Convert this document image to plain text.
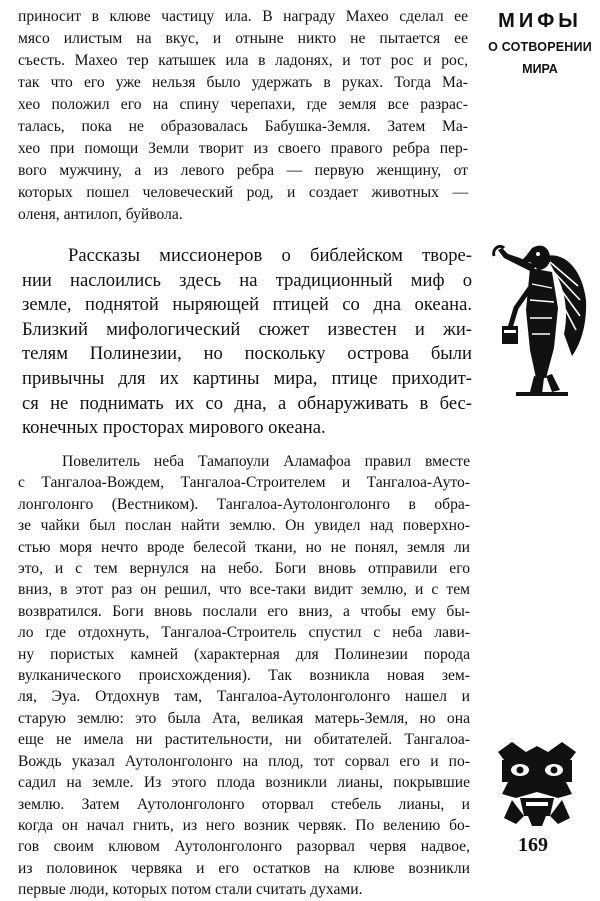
МИФЫ
О СОТВОРЕНИИ
МИРА
приносит в клюве частицу ила. В награду Махео сделал ее
мясо илистым на вкус, и отныне никто не пытается ее
съесть. Махео тер катышек ила в ладонях, и тот рос и рос,
так что его уже нельзя было удержать в руках. Тогда Ма-
хео положил его на спину черепахи, где земля все разрас-
талась, пока не образовалась Бабушка-Земля. Затем Ма-
хео при помощи Земли творит из своего правого ребра пер-
вого мужчину, а из левого ребра — первую женщину, от
которых пошел человеческий род, и создает животных —
оленя, антилоп, буйвола.
Рассказы миссионеров о библейском творе-
нии наслоились здесь на традиционный миф о
земле, поднятой ныряющей птицей со дна океана.
Близкий мифологический сюжет известен и жи-
телям Полинезии, но поскольку острова были
привычны для их картины мира, птице приходит-
ся не поднимать их со дна, а обнаруживать в бес-
конечных просторах мирового океана.
Повелитель неба Тамапоули Аламафоа правил вместе
с Тангалоа-Вождем, Тангалоа-Строителем и Тангалоа-Ауто-
лонголонго (Вестником). Тангалоа-Аутолонголонго в обра-
зе чайки был послан найти землю. Он увидел над поверхно-
стью моря нечто вроде белесой ткани, но не понял, земля ли
это, и с тем вернулся на небо. Боги вновь отправили его
вниз, в этот раз он решил, что все-таки видит землю, и с тем
возвратился. Боги вновь послали его вниз, а чтобы ему бы-
ло где отдохнуть, Тангалоа-Строитель спустил с неба лави-
ну пористых камней (характерная для Полинезии порода
вулканического происхождения). Так возникла новая зем-
ля, Эуа. Отдохнув там, Тангалоа-Аутолонголонго нашел и
старую землю: это была Ата, великая матерь-Земля, но она
еще не имела ни растительности, ни обитателей. Тангалоа-
Вождь указал Аутолонголонго на плод, тот сорвал его и по-
садил на земле. Из этого плода возникли лианы, покрывшие
землю. Затем Аутолонголонго оторвал стебель лианы, и
когда он начал гнить, из него возник червяк. По велению бо-
гов своим клювом Аутолонголонго разорвал червя надвое,
из половинок червяка и его остатков на клюве возникли
первые люди, которых потом стали считать духами.
169
